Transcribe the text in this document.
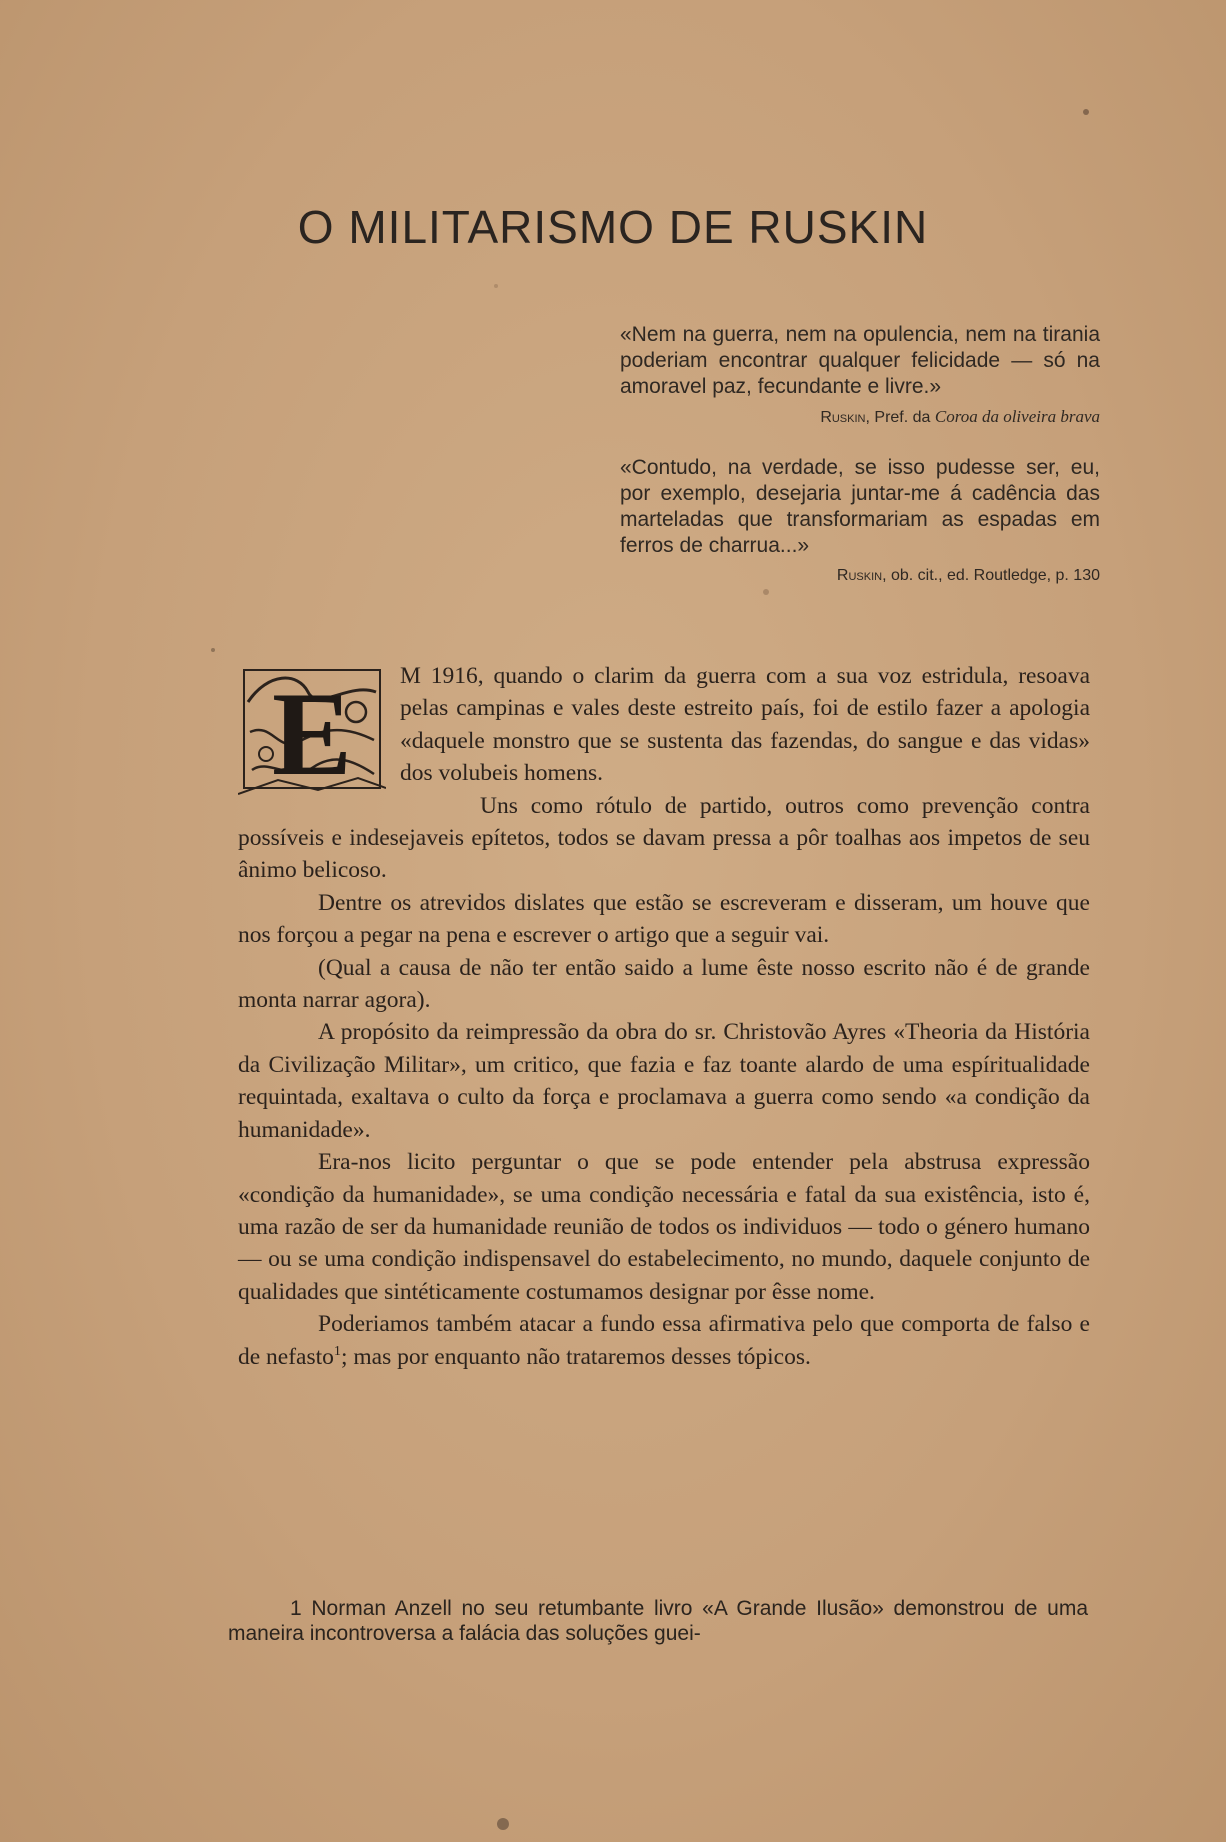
O MILITARISMO DE RUSKIN

«Nem na guerra, nem na opulencia, nem na tirania poderiam encontrar qualquer felicidade — só na amoravel paz, fecundante e livre.»

Ruskin, Pref. da Coroa da oliveira brava

«Contudo, na verdade, se isso pudesse ser, eu, por exemplo, desejaria juntar-me á cadência das marteladas que transformariam as espadas em ferros de charrua...»

Ruskin, ob. cit., ed. Routledge, p. 130

E M 1916, quando o clarim da guerra com a sua voz estridula, resoava pelas campinas e vales deste estreito país, foi de estilo fazer a apologia «daquele monstro que se sustenta das fazendas, do sangue e das vidas» dos volubeis homens.

Uns como rótulo de partido, outros como prevenção contra possíveis e indesejaveis epítetos, todos se davam pressa a pôr toalhas aos impetos de seu ânimo belicoso.

Dentre os atrevidos dislates que estão se escreveram e disseram, um houve que nos forçou a pegar na pena e escrever o artigo que a seguir vai.

(Qual a causa de não ter então saido a lume êste nosso escrito não é de grande monta narrar agora).

A propósito da reimpressão da obra do sr. Christovão Ayres «Theoria da História da Civilização Militar», um critico, que fazia e faz toante alardo de uma espíritualidade requintada, exaltava o culto da força e proclamava a guerra como sendo «a condição da humanidade».

Era-nos licito perguntar o que se pode entender pela abstrusa expressão «condição da humanidade», se uma condição necessária e fatal da sua existência, isto é, uma razão de ser da humanidade reunião de todos os individuos — todo o género humano — ou se uma condição indispensavel do estabelecimento, no mundo, daquele conjunto de qualidades que sintéticamente costumamos designar por êsse nome.

Poderiamos também atacar a fundo essa afirmativa pelo que comporta de falso e de nefasto$^1$; mas por enquanto não trataremos desses tópicos.

1 Norman Anzell no seu retumbante livro «A Grande Ilusão» demonstrou de uma maneira incontroversa a falácia das soluções guei-
